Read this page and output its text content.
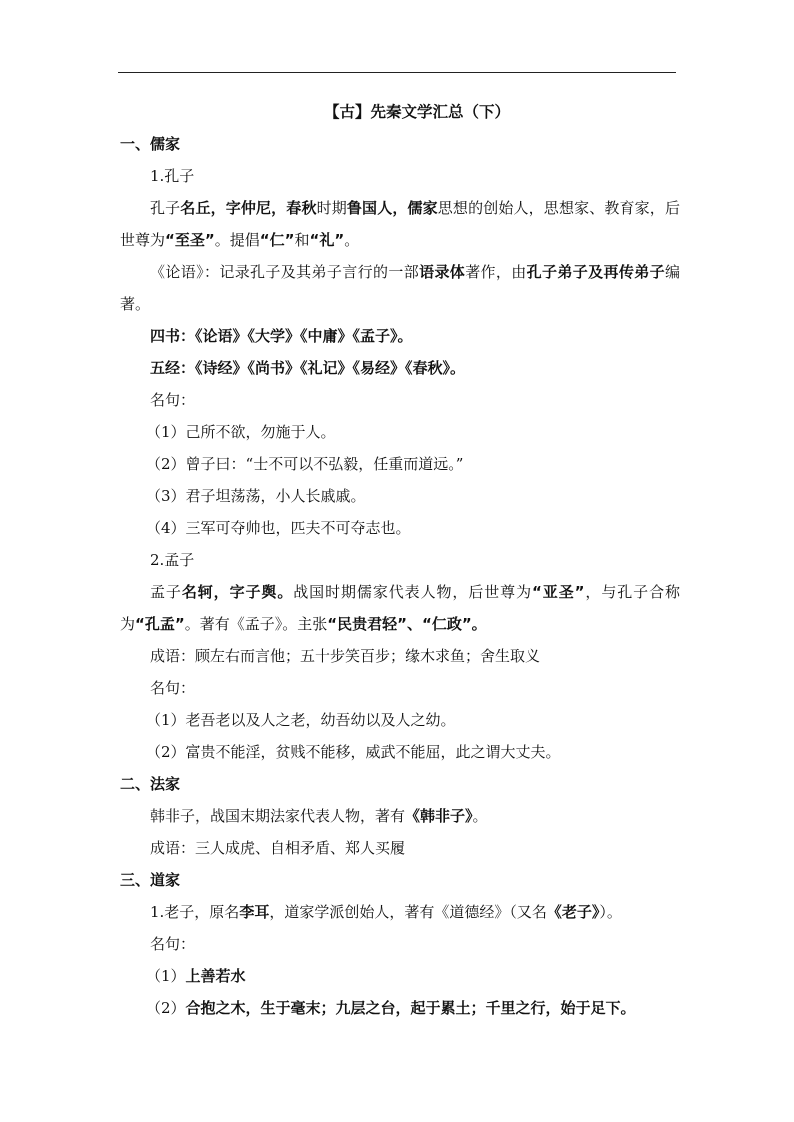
【古】先秦文学汇总（下）
一、儒家
1.孔子
孔子名丘，字仲尼，春秋时期鲁国人，儒家思想的创始人，思想家、教育家，后世尊为“至圣”。提倡“仁”和“礼”。
《论语》：记录孔子及其弟子言行的一部语录体著作，由孔子弟子及再传弟子编著。
四书：《论语》《大学》《中庸》《孟子》。
五经：《诗经》《尚书》《礼记》《易经》《春秋》。
名句：
（1）己所不欲，勿施于人。
（2）曾子曰：“士不可以不弘毅，任重而道远。”
（3）君子坦荡荡，小人长戚戚。
（4）三军可夺帅也，匹夫不可夺志也。
2.孟子
孟子名轲，字子舆。战国时期儒家代表人物，后世尊为“亚圣”，与孔子合称为“孔孟”。著有《孟子》。主张“民贵君轻”、“仁政”。
成语：顾左右而言他；五十步笑百步；缘木求鱼；舍生取义
名句：
（1）老吾老以及人之老，幼吾幼以及人之幼。
（2）富贵不能淫，贫贱不能移，威武不能屈，此之谓大丈夫。
二、法家
韩非子，战国末期法家代表人物，著有《韩非子》。
成语：三人成虎、自相矛盾、郑人买履
三、道家
1.老子，原名李耳，道家学派创始人，著有《道德经》（又名《老子》）。
名句：
（1）上善若水
（2）合抱之木，生于毫末；九层之台，起于累土；千里之行，始于足下。
